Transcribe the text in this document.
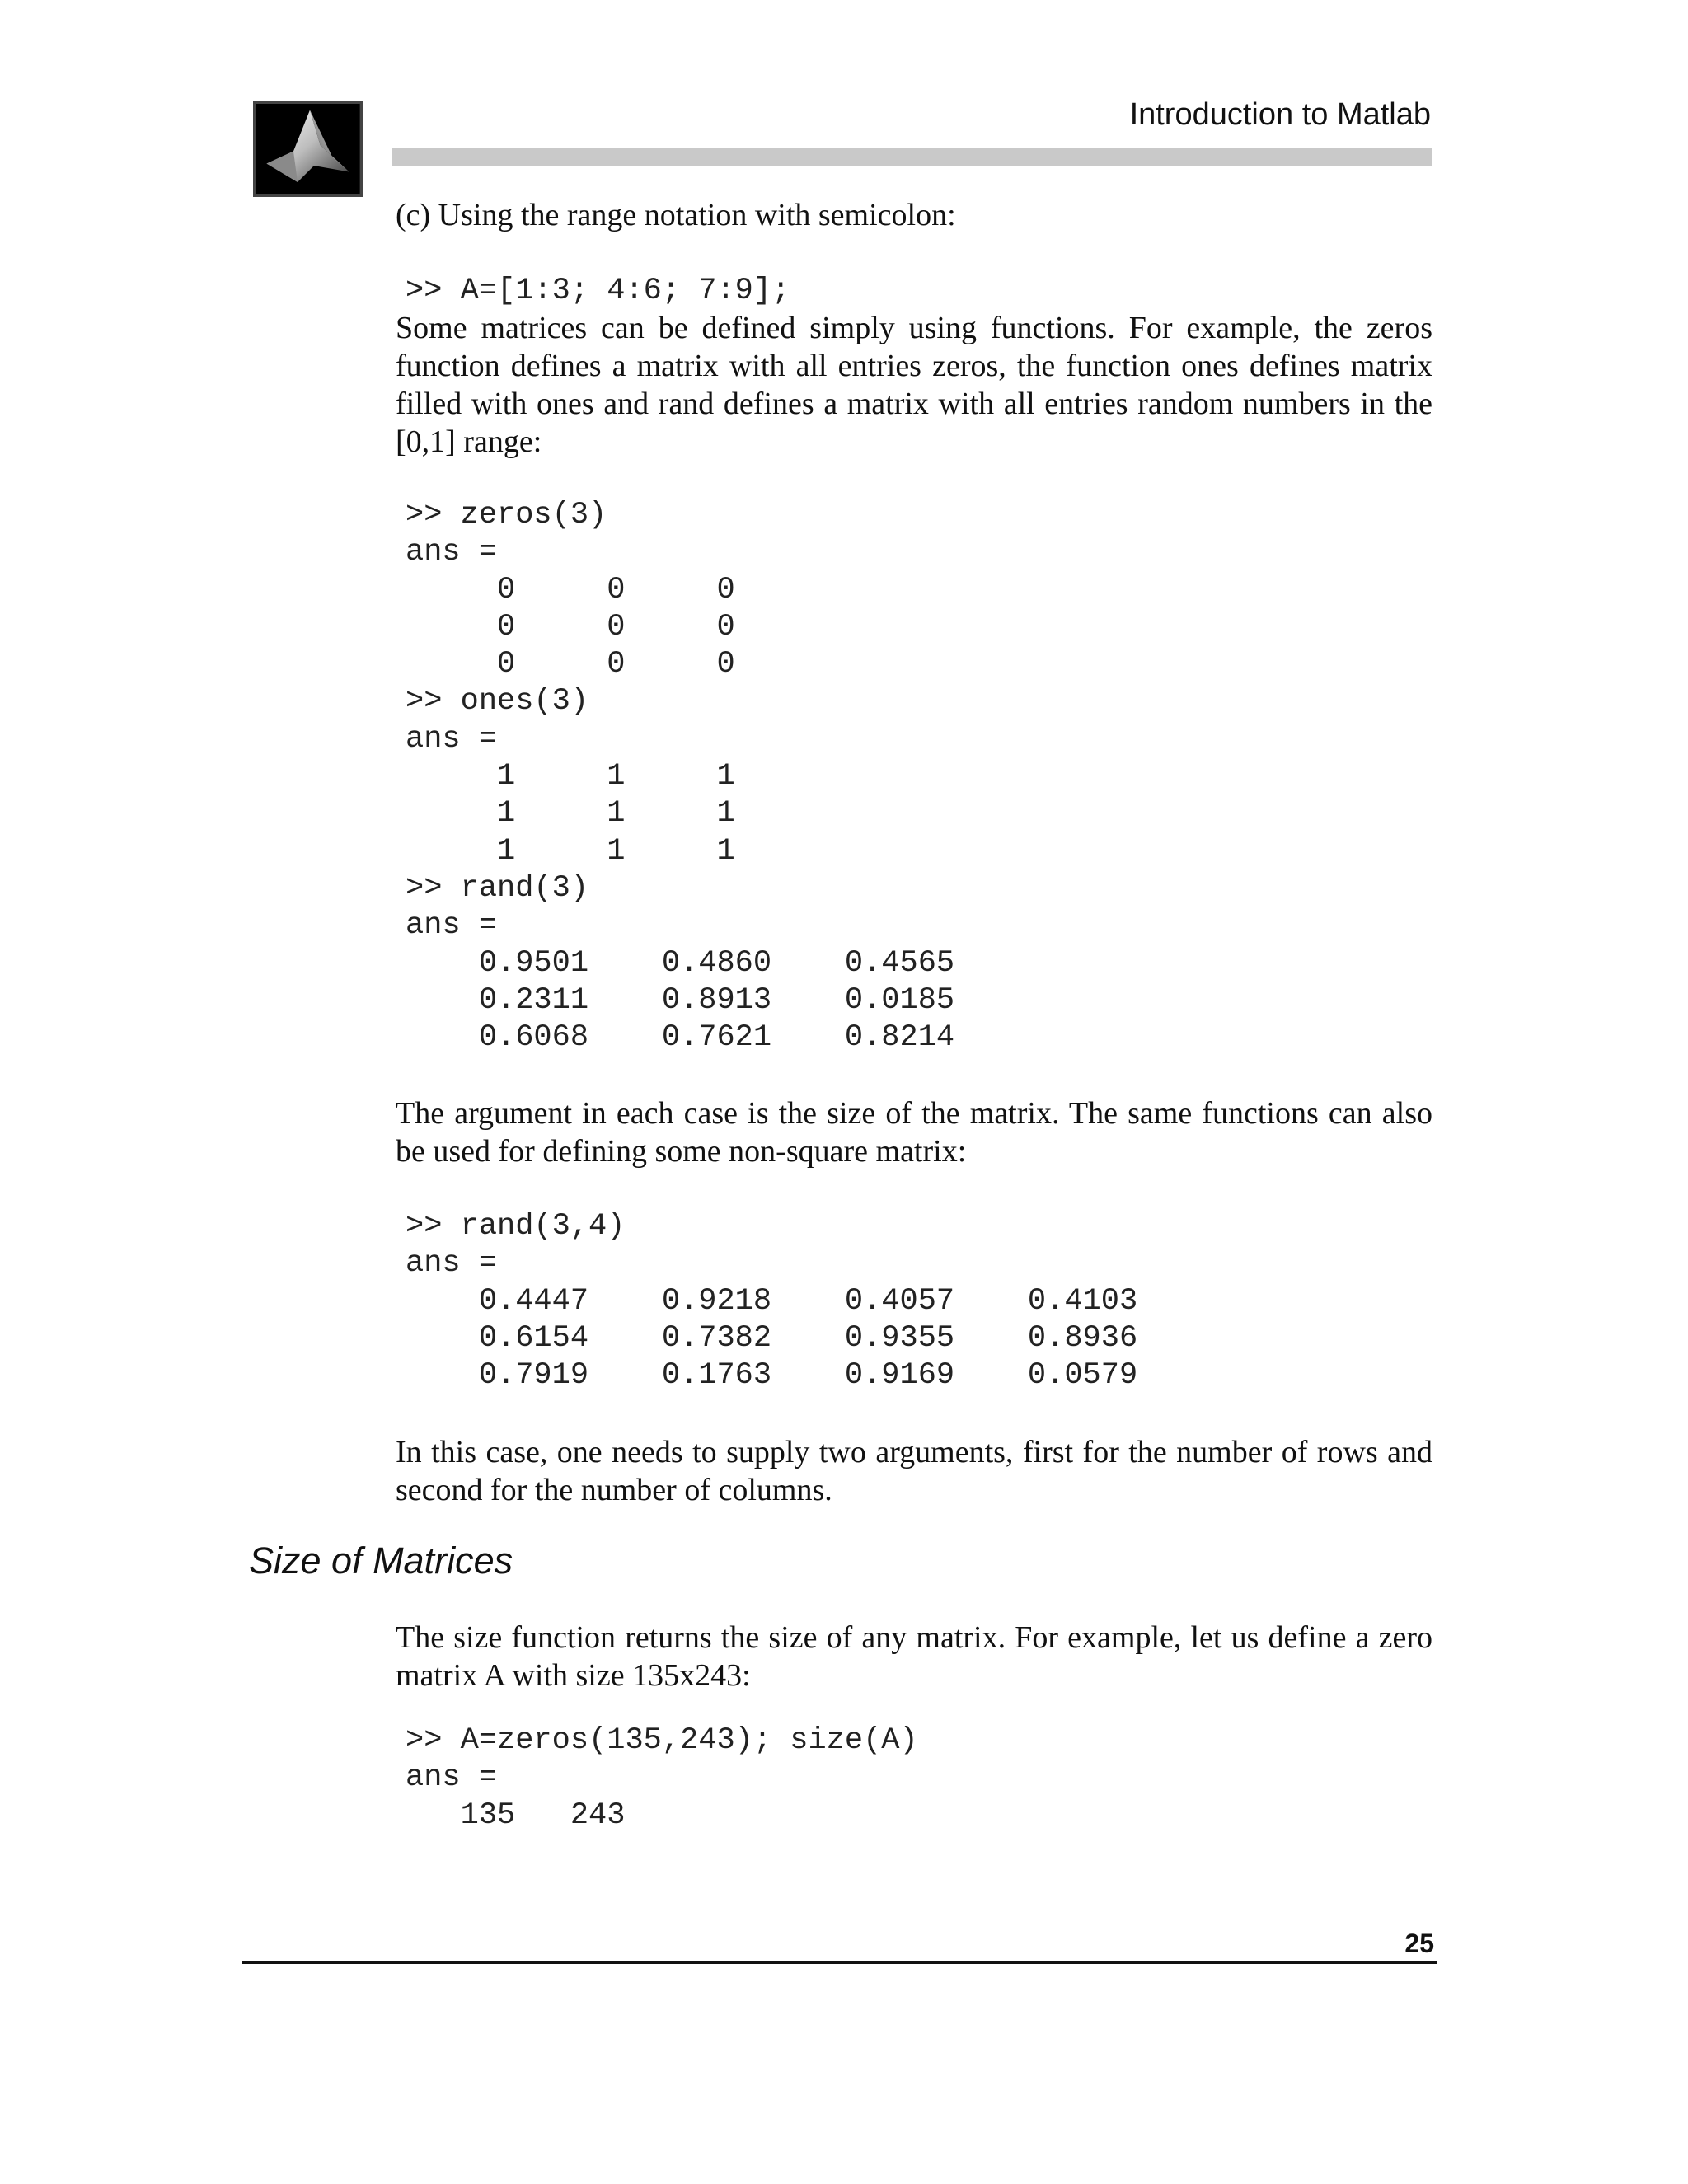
Introduction to Matlab

(c) Using the range notation with semicolon:

>> A=[1:3; 4:6; 7:9];

Some matrices can be defined simply using functions. For example, the zeros function defines a matrix with all entries zeros, the function ones defines matrix filled with ones and rand defines a matrix with all entries random numbers in the [0,1] range:

>> zeros(3)
ans =
0     0     0
0     0     0
0     0     0
>> ones(3)
ans =
1     1     1
1     1     1
1     1     1
>> rand(3)
ans =
0.9501    0.4860    0.4565
0.2311    0.8913    0.0185
0.6068    0.7621    0.8214

The argument in each case is the size of the matrix. The same functions can also be used for defining some non-square matrix:

>> rand(3,4)
ans =
0.4447    0.9218    0.4057    0.4103
0.6154    0.7382    0.9355    0.8936
0.7919    0.1763    0.9169    0.0579

In this case, one needs to supply two arguments, first for the number of rows and second for the number of columns.

Size of Matrices

The size function returns the size of any matrix. For example, let us define a zero matrix A with size 135x243:

>> A=zeros(135,243); size(A)
ans =
135   243
25
